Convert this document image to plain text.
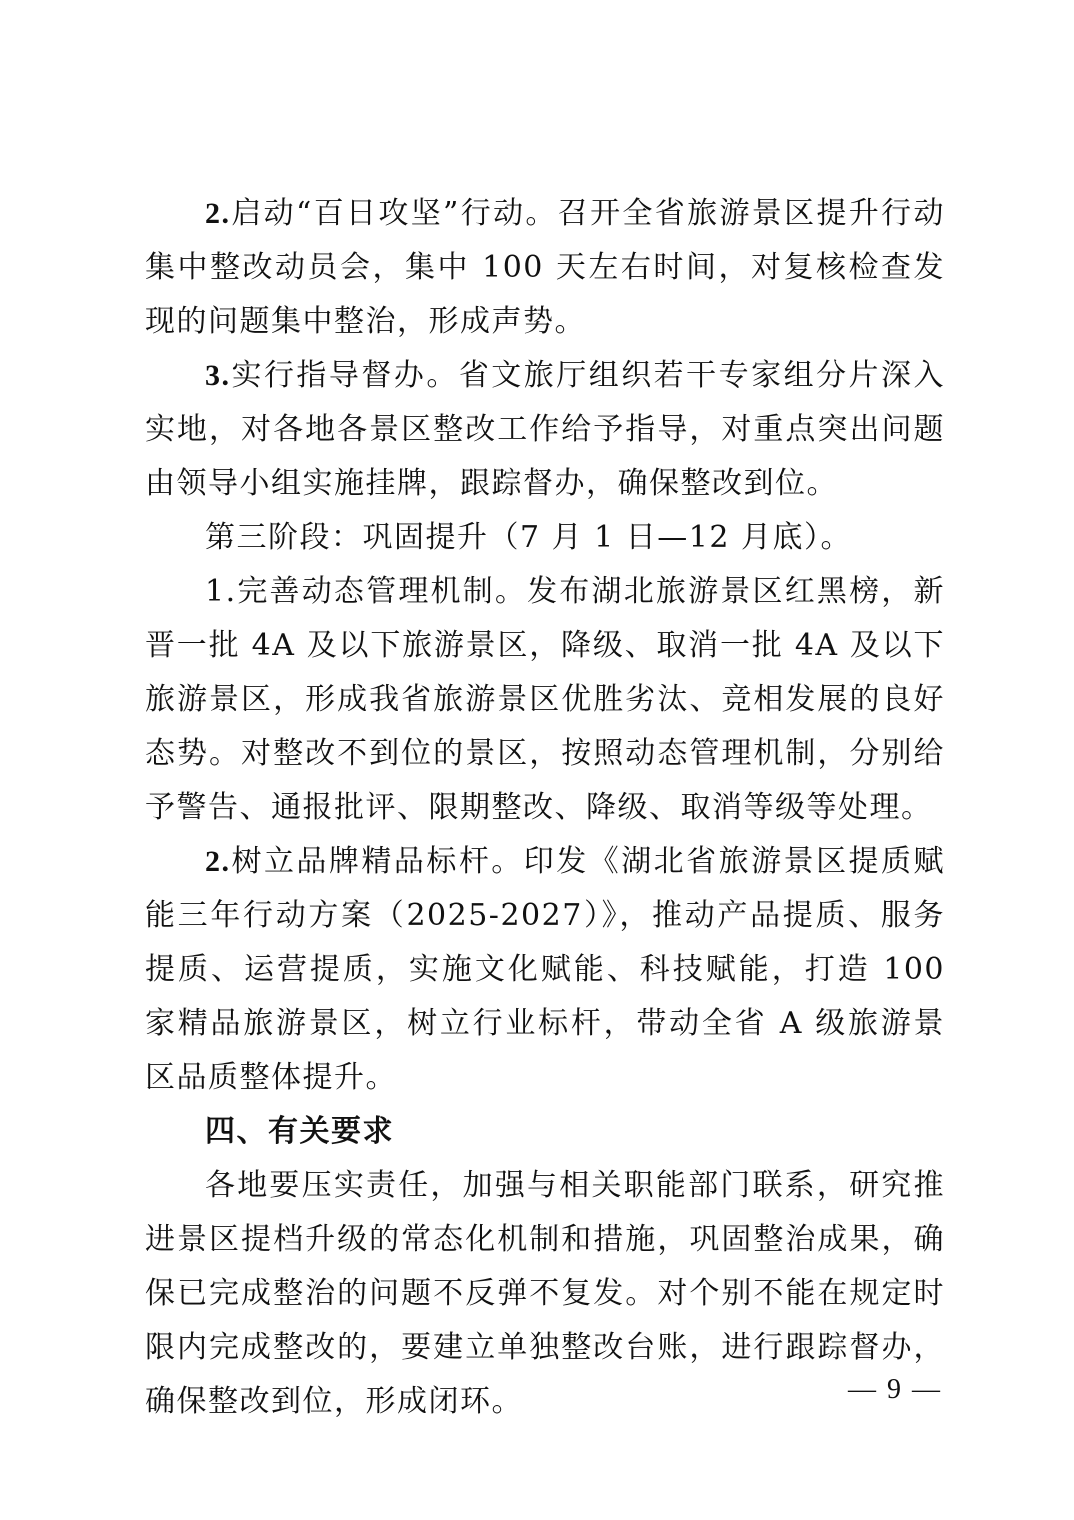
2.启动“百日攻坚”行动。召开全省旅游景区提升行动集中整改动员会，集中 100 天左右时间，对复核检查发现的问题集中整治，形成声势。

3.实行指导督办。省文旅厅组织若干专家组分片深入实地，对各地各景区整改工作给予指导，对重点突出问题由领导小组实施挂牌，跟踪督办，确保整改到位。

第三阶段：巩固提升（7 月 1 日—12 月底）。

1.完善动态管理机制。发布湖北旅游景区红黑榜，新晋一批 4A 及以下旅游景区，降级、取消一批 4A 及以下旅游景区，形成我省旅游景区优胜劣汰、竞相发展的良好态势。对整改不到位的景区，按照动态管理机制，分别给予警告、通报批评、限期整改、降级、取消等级等处理。

2.树立品牌精品标杆。印发《湖北省旅游景区提质赋能三年行动方案（2025-2027）》，推动产品提质、服务提质、运营提质，实施文化赋能、科技赋能，打造 100 家精品旅游景区，树立行业标杆，带动全省 A 级旅游景区品质整体提升。

四、有关要求

各地要压实责任，加强与相关职能部门联系，研究推进景区提档升级的常态化机制和措施，巩固整治成果，确保已完成整治的问题不反弹不复发。对个别不能在规定时限内完成整改的，要建立单独整改台账，进行跟踪督办，确保整改到位，形成闭环。	— 9 —
